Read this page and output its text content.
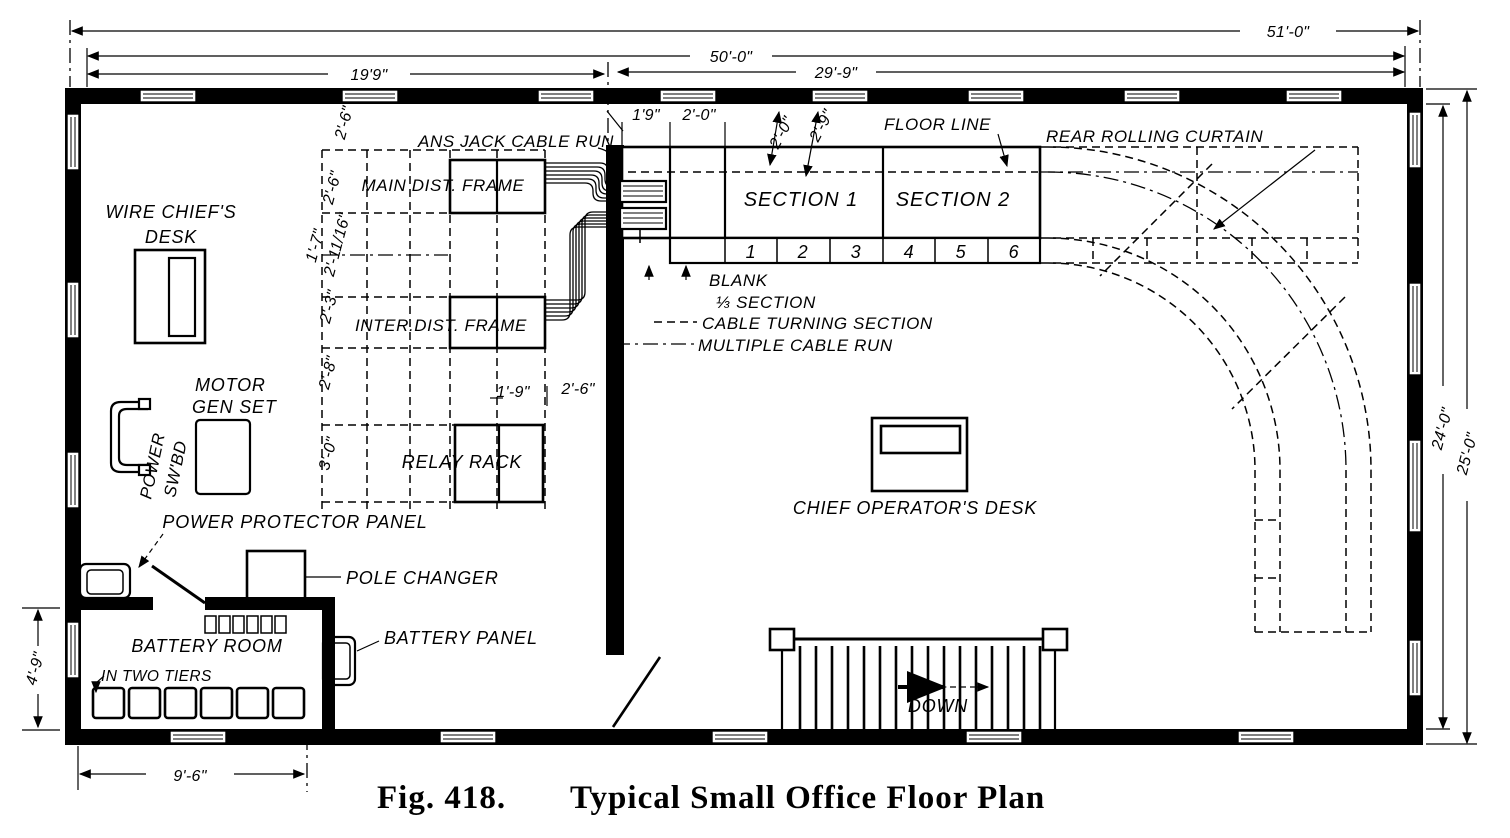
51'-0"
50'-0"
19'9"	29'-9"
24'-0"
25'-0"
4'-9"
9'-6"
1'9" 2'-0"	2'-0" 2'-9"
1'-9" 2'-6"
2'-6"
2'-6"
1'-7"
2'-11/16"
2'-3"
2'-8"
3'-0"
ANS JACK CABLE RUN
MAIN DIST. FRAME
INTER.DIST. FRAME
RELAY RACK
WIRE CHIEF'S
DESK
MOTOR
GEN SET
POWER
SW'BD
POWER PROTECTOR PANEL
POLE CHANGER
BATTERY PANEL
BATTERY ROOM
IN TWO TIERS
CHIEF OPERATOR'S DESK
FLOOR LINE
REAR ROLLING CURTAIN
SECTION 1 SECTION 2
1 2 3 4 5 6
BLANK
⅓ SECTION
CABLE TURNING SECTION
MULTIPLE CABLE RUN
DOWN
Fig. 418. Typical Small Office Floor Plan
